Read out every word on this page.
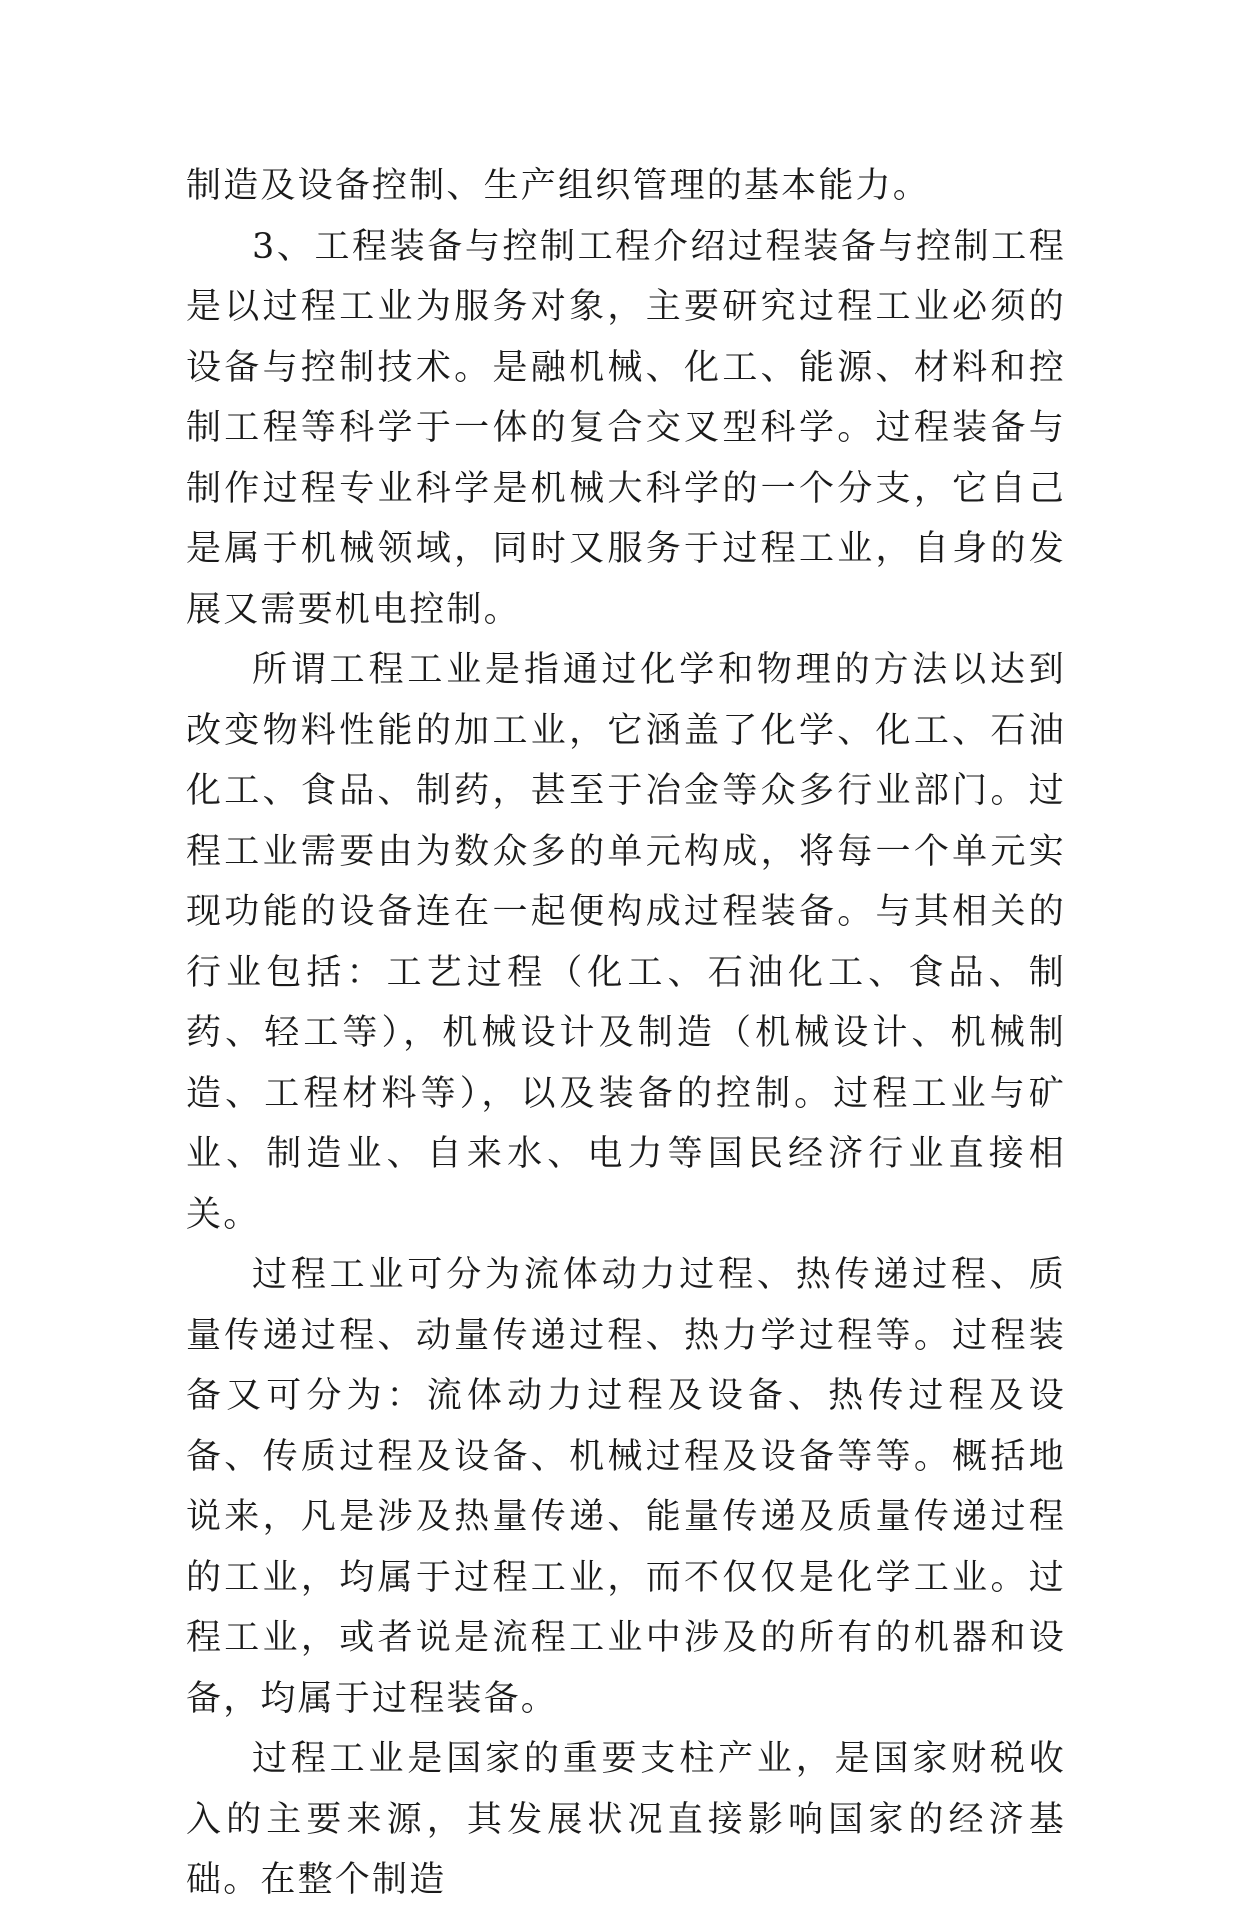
制造及设备控制、生产组织管理的基本能力。

3、工程装备与控制工程介绍过程装备与控制工程是以过程工业为服务对象，主要研究过程工业必须的设备与控制技术。是融机械、化工、能源、材料和控制工程等科学于一体的复合交叉型科学。过程装备与制作过程专业科学是机械大科学的一个分支，它自己是属于机械领域，同时又服务于过程工业，自身的发展又需要机电控制。

所谓工程工业是指通过化学和物理的方法以达到改变物料性能的加工业，它涵盖了化学、化工、石油化工、食品、制药，甚至于冶金等众多行业部门。过程工业需要由为数众多的单元构成，将每一个单元实现功能的设备连在一起便构成过程装备。与其相关的行业包括：工艺过程（化工、石油化工、食品、制药、轻工等），机械设计及制造（机械设计、机械制造、工程材料等），以及装备的控制。过程工业与矿业、制造业、自来水、电力等国民经济行业直接相关。

过程工业可分为流体动力过程、热传递过程、质量传递过程、动量传递过程、热力学过程等。过程装备又可分为：流体动力过程及设备、热传过程及设备、传质过程及设备、机械过程及设备等等。概括地说来，凡是涉及热量传递、能量传递及质量传递过程的工业，均属于过程工业，而不仅仅是化学工业。过程工业，或者说是流程工业中涉及的所有的机器和设备，均属于过程装备。

过程工业是国家的重要支柱产业，是国家财税收入的主要来源，其发展状况直接影响国家的经济基础。在整个制造
